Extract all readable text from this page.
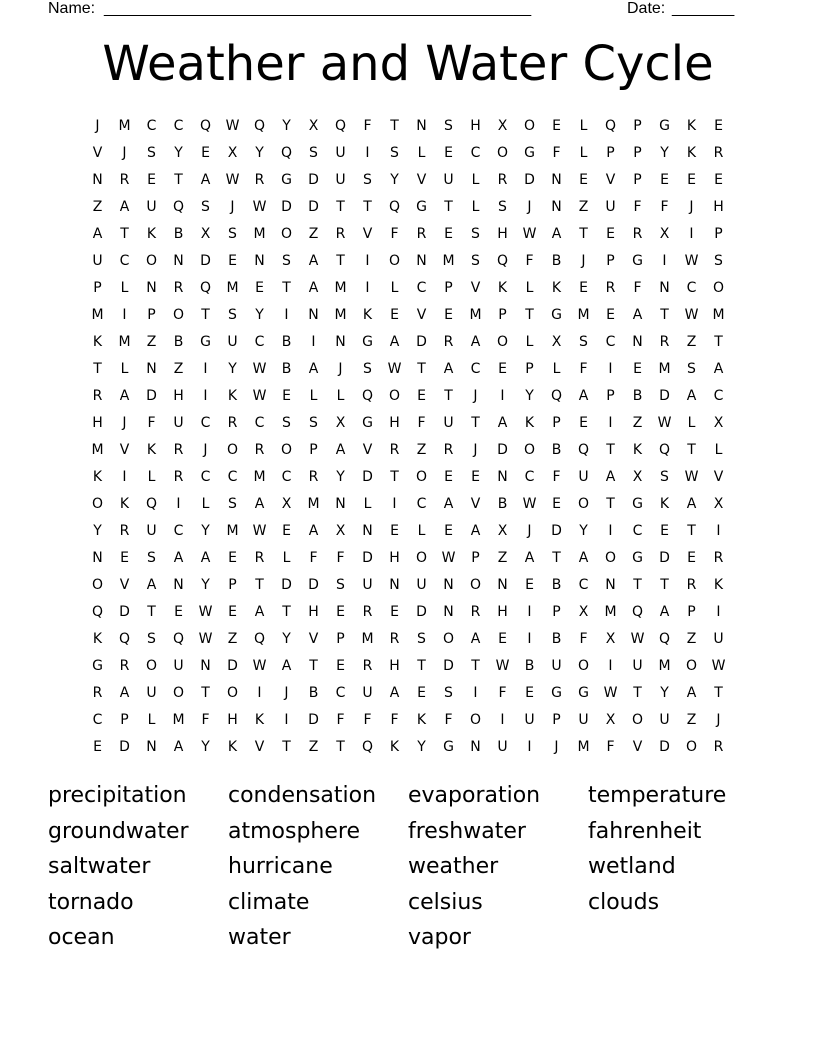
Name: ________________________________________________	Date: _______
Weather and Water Cycle
J	M	C	C	Q	W	Q	Y	X	Q	F	T	N	S	H	X	O	E	L	Q	P	G	K	E
V	J	S	Y	E	X	Y	Q	S	U	I	S	L	E	C	O	G	F	L	P	P	Y	K	R
N	R	E	T	A	W	R	G	D	U	S	Y	V	U	L	R	D	N	E	V	P	E	E	E
Z	A	U	Q	S	J	W	D	D	T	T	Q	G	T	L	S	J	N	Z	U	F	F	J	H
A	T	K	B	X	S	M	O	Z	R	V	F	R	E	S	H	W	A	T	E	R	X	I	P
U	C	O	N	D	E	N	S	A	T	I	O	N	M	S	Q	F	B	J	P	G	I	W	S
P	L	N	R	Q	M	E	T	A	M	I	L	C	P	V	K	L	K	E	R	F	N	C	O
M	I	P	O	T	S	Y	I	N	M	K	E	V	E	M	P	T	G	M	E	A	T	W	M
K	M	Z	B	G	U	C	B	I	N	G	A	D	R	A	O	L	X	S	C	N	R	Z	T
T	L	N	Z	I	Y	W	B	A	J	S	W	T	A	C	E	P	L	F	I	E	M	S	A
R	A	D	H	I	K	W	E	L	L	Q	O	E	T	J	I	Y	Q	A	P	B	D	A	C
H	J	F	U	C	R	C	S	S	X	G	H	F	U	T	A	K	P	E	I	Z	W	L	X
M	V	K	R	J	O	R	O	P	A	V	R	Z	R	J	D	O	B	Q	T	K	Q	T	L
K	I	L	R	C	C	M	C	R	Y	D	T	O	E	E	N	C	F	U	A	X	S	W	V
O	K	Q	I	L	S	A	X	M	N	L	I	C	A	V	B	W	E	O	T	G	K	A	X
Y	R	U	C	Y	M	W	E	A	X	N	E	L	E	A	X	J	D	Y	I	C	E	T	I
N	E	S	A	A	E	R	L	F	F	D	H	O	W	P	Z	A	T	A	O	G	D	E	R
O	V	A	N	Y	P	T	D	D	S	U	N	U	N	O	N	E	B	C	N	T	T	R	K
Q	D	T	E	W	E	A	T	H	E	R	E	D	N	R	H	I	P	X	M	Q	A	P	I
K	Q	S	Q	W	Z	Q	Y	V	P	M	R	S	O	A	E	I	B	F	X	W	Q	Z	U
G	R	O	U	N	D	W	A	T	E	R	H	T	D	T	W	B	U	O	I	U	M	O	W
R	A	U	O	T	O	I	J	B	C	U	A	E	S	I	F	E	G	G	W	T	Y	A	T
C	P	L	M	F	H	K	I	D	F	F	F	K	F	O	I	U	P	U	X	O	U	Z	J
E	D	N	A	Y	K	V	T	Z	T	Q	K	Y	G	N	U	I	J	M	F	V	D	O	R
precipitation	condensation	evaporation	temperature
groundwater	atmosphere	freshwater	fahrenheit
saltwater	hurricane	weather	wetland
tornado	climate	celsius	clouds
ocean	water	vapor
